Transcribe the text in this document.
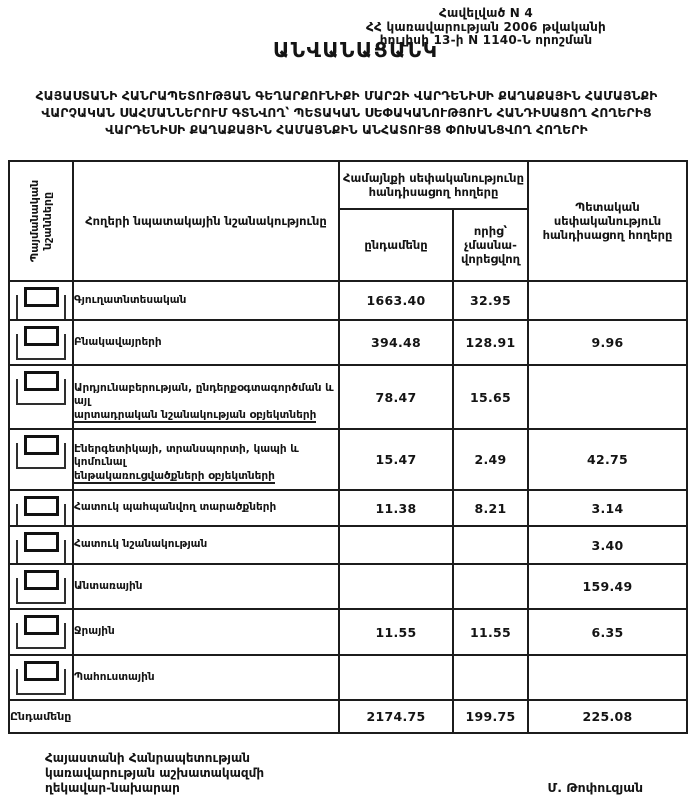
Հավելված N 4
ՀՀ կառավարության 2006 թվականի
հուլիսի 13-ի N 1140-Ն որոշման
ԱՆՎԱՆԱՑԱՆԿ
ՀԱՅԱՍՏԱՆԻ ՀԱՆՐԱՊԵՏՈՒԹՅԱՆ ԳԵՂԱՐՔՈՒՆԻՔԻ ՄԱՐԶԻ ՎԱՐԴԵՆԻՍԻ ՔԱՂԱՔԱՅԻՆ ՀԱՄԱՅՆՔԻ
ՎԱՐՉԱԿԱՆ ՍԱՀՄԱՆՆԵՐՈՒՄ ԳՏՆՎՈՂ՝ ՊԵՏԱԿԱՆ ՍԵՓԱԿԱՆՈՒԹՅՈՒՆ ՀԱՆԴԻՍԱՑՈՂ ՀՈՂԵՐԻՑ
ՎԱՐԴԵՆԻՍԻ ՔԱՂԱՔԱՅԻՆ ՀԱՄԱՅՆՔԻՆ ԱՆՀԱՏՈՒՅՑ ՓՈԽԱՆՑՎՈՂ ՀՈՂԵՐԻ
Պայմանական նշանները	Հողերի նպատակային նշանակությունը	Համայնքի սեփականությունը հանդիսացող հողերը		Պետական սեփականություն հանդիսացող հողերը
		ընդամենը	որից՝ չմասնա-վորեցվող	

	Գյուղատնտեսական	1663.40	32.95	

	Բնակավայրերի	394.48	128.91	9.96

	Արդյունաբերության, ընդերքօգտագործման և այլ
արտադրական նշանակության օբյեկտների	78.47	15.65	

	Էներգետիկայի, տրանսպորտի, կապի և կոմունալ
ենթակառուցվածքների օբյեկտների	15.47	2.49	42.75

	Հատուկ պահպանվող տարածքների	11.38	8.21	3.14

	Հատուկ նշանակության			3.40

	Անտառային			159.49

	Ջրային	11.55	11.55	6.35

	Պահուստային			
Ընդամենը		2174.75	199.75	225.08
Հայաստանի Հանրապետության
կառավարության աշխատակազմի
ղեկավար-նախարար	Մ. Թոփուզյան
